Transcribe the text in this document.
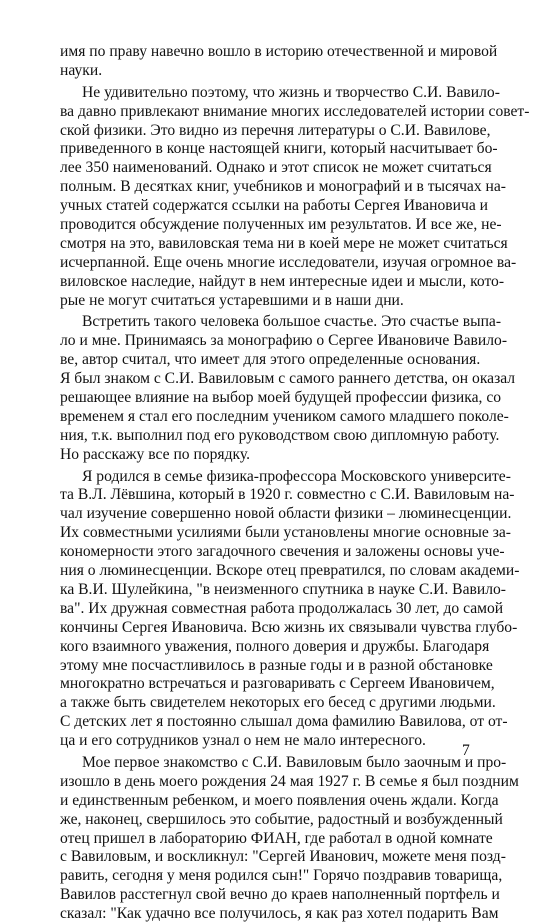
имя по праву навечно вошло в историю отечественной и мировой
науки.
Не удивительно поэтому, что жизнь и творчество С.И. Вавило-
ва давно привлекают внимание многих исследователей истории совет-
ской физики. Это видно из перечня литературы о С.И. Вавилове,
приведенного в конце настоящей книги, который насчитывает бо-
лее 350 наименований. Однако и этот список не может считаться
полным. В десятках книг, учебников и монографий и в тысячах на-
учных статей содержатся ссылки на работы Сергея Ивановича и
проводится обсуждение полученных им результатов. И все же, не-
смотря на это, вавиловская тема ни в коей мере не может считаться
исчерпанной. Еще очень многие исследователи, изучая огромное ва-
виловское наследие, найдут в нем интересные идеи и мысли, кото-
рые не могут считаться устаревшими и в наши дни.
Встретить такого человека большое счастье. Это счастье выпа-
ло и мне. Принимаясь за монографию о Сергее Ивановиче Вавило-
ве, автор считал, что имеет для этого определенные основания.
Я был знаком с С.И. Вавиловым с самого раннего детства, он оказал
решающее влияние на выбор моей будущей профессии физика, со
временем я стал его последним учеником самого младшего поколе-
ния, т.к. выполнил под его руководством свою дипломную работу.
Но расскажу все по порядку.
Я родился в семье физика-профессора Московского университе-
та В.Л. Лёвшина, который в 1920 г. совместно с С.И. Вавиловым на-
чал изучение совершенно новой области физики – люминесценции.
Их совместными усилиями были установлены многие основные за-
кономерности этого загадочного свечения и заложены основы уче-
ния о люминесценции. Вскоре отец превратился, по словам академи-
ка В.И. Шулейкина, "в неизменного спутника в науке С.И. Вавило-
ва". Их дружная совместная работа продолжалась 30 лет, до самой
кончины Сергея Ивановича. Всю жизнь их связывали чувства глубо-
кого взаимного уважения, полного доверия и дружбы. Благодаря
этому мне посчастливилось в разные годы и в разной обстановке
многократно встречаться и разговаривать с Сергеем Ивановичем,
а также быть свидетелем некоторых его бесед с другими людьми.
С детских лет я постоянно слышал дома фамилию Вавилова, от от-
ца и его сотрудников узнал о нем не мало интересного.
Мое первое знакомство с С.И. Вавиловым было заочным и про-
изошло в день моего рождения 24 мая 1927 г. В семье я был поздним
и единственным ребенком, и моего появления очень ждали. Когда
же, наконец, свершилось это событие, радостный и возбужденный
отец пришел в лабораторию ФИАН, где работал в одной комнате
с Вавиловым, и воскликнул: "Сергей Иванович, можете меня позд-
равить, сегодня у меня родился сын!" Горячо поздравив товарища,
Вавилов расстегнул свой вечно до краев наполненный портфель и
сказал: "Как удачно все получилось, я как раз хотел подарить Вам
7
